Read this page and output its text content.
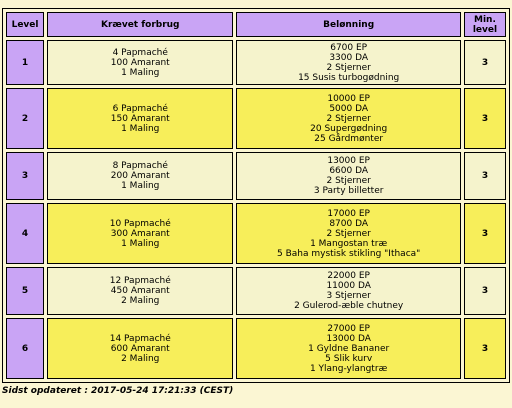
Level	Krævet forbrug	Belønning	Min.
level

1	4 Papmaché
100 Amarant
1 Maling	6700 EP
3300 DA
2 Stjerner
15 Susis turbogødning	3
2	6 Papmaché
150 Amarant
1 Maling	10000 EP
5000 DA
2 Stjerner
20 Supergødning
25 Gårdmønter	3
3	8 Papmaché
200 Amarant
1 Maling	13000 EP
6600 DA
2 Stjerner
3 Party billetter	3
4	10 Papmaché
300 Amarant
1 Maling	17000 EP
8700 DA
2 Stjerner
1 Mangostan træ
5 Baha mystisk stikling "Ithaca"	3
5	12 Papmaché
450 Amarant
2 Maling	22000 EP
11000 DA
3 Stjerner
2 Gulerod-æble chutney	3
6	14 Papmaché
600 Amarant
2 Maling	27000 EP
13000 DA
1 Gyldne Bananer
5 Slik kurv
1 Ylang-ylangtræ	3
Sidst opdateret : 2017-05-24 17:21:33 (CEST)
